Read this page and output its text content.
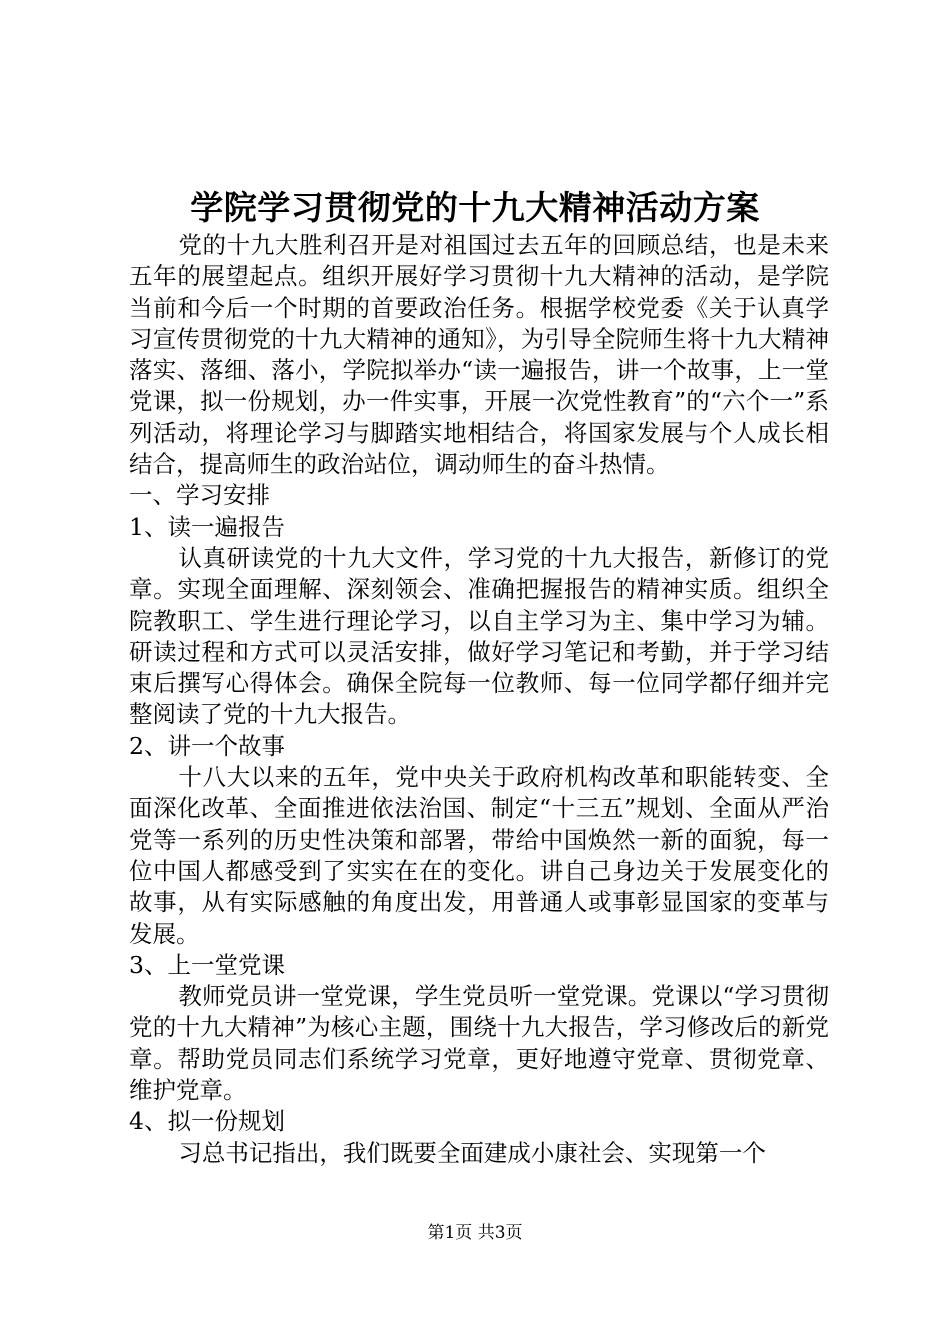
学院学习贯彻党的十九大精神活动方案

党的十九大胜利召开是对祖国过去五年的回顾总结，也是未来五年的展望起点。组织开展好学习贯彻十九大精神的活动，是学院当前和今后一个时期的首要政治任务。根据学校党委《关于认真学习宣传贯彻党的十九大精神的通知》，为引导全院师生将十九大精神落实、落细、落小，学院拟举办“读一遍报告，讲一个故事，上一堂党课，拟一份规划，办一件实事，开展一次党性教育”的“六个一”系列活动，将理论学习与脚踏实地相结合，将国家发展与个人成长相结合，提高师生的政治站位，调动师生的奋斗热情。

一、学习安排

1、读一遍报告

认真研读党的十九大文件，学习党的十九大报告，新修订的党章。实现全面理解、深刻领会、准确把握报告的精神实质。组织全院教职工、学生进行理论学习，以自主学习为主、集中学习为辅。研读过程和方式可以灵活安排，做好学习笔记和考勤，并于学习结束后撰写心得体会。确保全院每一位教师、每一位同学都仔细并完整阅读了党的十九大报告。

2、讲一个故事

十八大以来的五年，党中央关于政府机构改革和职能转变、全面深化改革、全面推进依法治国、制定“十三五”规划、全面从严治党等一系列的历史性决策和部署，带给中国焕然一新的面貌，每一位中国人都感受到了实实在在的变化。讲自己身边关于发展变化的故事，从有实际感触的角度出发，用普通人或事彰显国家的变革与发展。

3、上一堂党课

教师党员讲一堂党课，学生党员听一堂党课。党课以“学习贯彻党的十九大精神”为核心主题，围绕十九大报告，学习修改后的新党章。帮助党员同志们系统学习党章，更好地遵守党章、贯彻党章、维护党章。

4、拟一份规划

习总书记指出，我们既要全面建成小康社会、实现第一个

第1页 共3页
